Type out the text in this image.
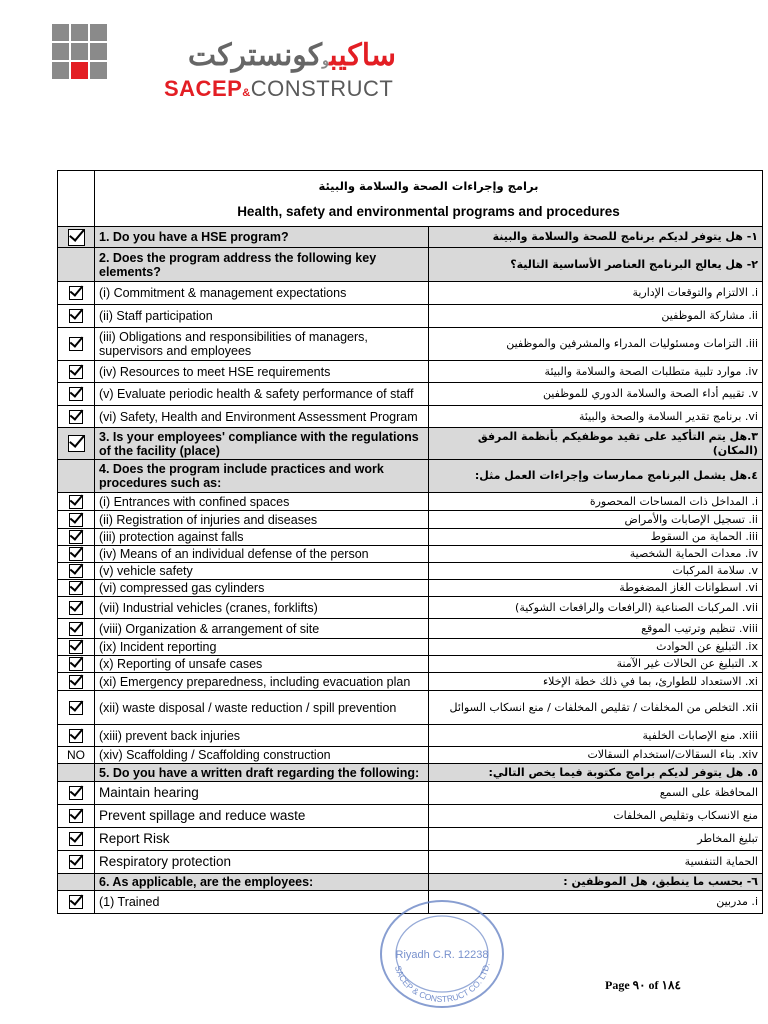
ساكيبوكونستركت
SACEP&CONSTRUCT

	برامج وإجراءات الصحة والسلامة والبيئة
Health, safety and environmental programs and procedures	

	1. Do you have a HSE program?	١- هل يتوفر لديكم برنامج للصحة والسلامة والبينة
	2. Does the program address the following key elements?	٢- هل يعالج البرنامج العناصر الأساسية التالية؟
	(i) Commitment & management expectations	i. الالتزام والتوقعات الإدارية
	(ii) Staff participation	ii. مشاركة الموظفين
	(iii) Obligations and responsibilities of managers, supervisors and employees	iii. التزامات ومسئوليات المدراء والمشرفين والموظفين
	(iv) Resources to meet HSE requirements	iv. موارد تلبية متطلبات الصحة والسلامة والبيئة
	(v) Evaluate periodic health & safety performance of staff	v. تقييم أداء الصحة والسلامة الدوري للموظفين
	(vi) Safety, Health and Environment Assessment Program	vi. برنامج تقدير السلامة والصحة والبيئة
	3. Is your employees' compliance with the regulations of the facility (place)	٣.هل يتم التأكيد على تقيد موظفيكم بأنظمة المرفق (المكان)
	4. Does the program include practices and work procedures such as:	٤.هل يشمل البرنامج ممارسات وإجراءات العمل مثل:
	(i) Entrances with confined spaces	i. المداخل ذات المساحات المحصورة
	(ii) Registration of injuries and diseases	ii. تسجيل الإصابات والأمراض
	(iii) protection against falls	iii. الحماية من السقوط
	(iv) Means of an individual defense of the person	iv. معدات الحماية الشخصية
	(v) vehicle safety	v. سلامة المركبات
	(vi) compressed gas cylinders	vi. اسطوانات الغاز المضغوطة
	(vii) Industrial vehicles (cranes, forklifts)	vii. المركبات الصناعية (الرافعات والرافعات الشوكية)
	(viii) Organization & arrangement of site	viii. تنظيم وترتيب الموقع
	(ix) Incident reporting	ix. التبليغ عن الحوادث
	(x) Reporting of unsafe cases	x. التبليغ عن الحالات غير الآمنة
	(xi) Emergency preparedness, including evacuation plan	xi. الاستعداد للطوارئ، بما في ذلك خطة الإخلاء
	(xii) waste disposal / waste reduction / spill prevention	xii. التخلص من المخلفات / تقليص المخلفات / منع انسكاب السوائل
	(xiii) prevent back injuries	xiii. منع الإصابات الخلفية
NO	(xiv) Scaffolding / Scaffolding construction	xiv. بناء السقالات/استخدام السقالات
	5. Do you have a written draft regarding the following:	٥. هل يتوفر لديكم برامج مكتوبة فيما يخص التالي:
	Maintain hearing	المحافظة على السمع
	Prevent spillage and reduce waste	منع الانسكاب وتقليص المخلفات
	Report Risk	تبليغ المخاطر
	Respiratory protection	الحماية التنفسية
	6. As applicable, are the employees:	٦- بحسب ما ينطبق، هل الموظفين :
	(1) Trained	i. مدربين
Riyadh C.R. 12238
SACEP & CONSTRUCT CO. LTD.
Page ٩٠ of ١٨٤
